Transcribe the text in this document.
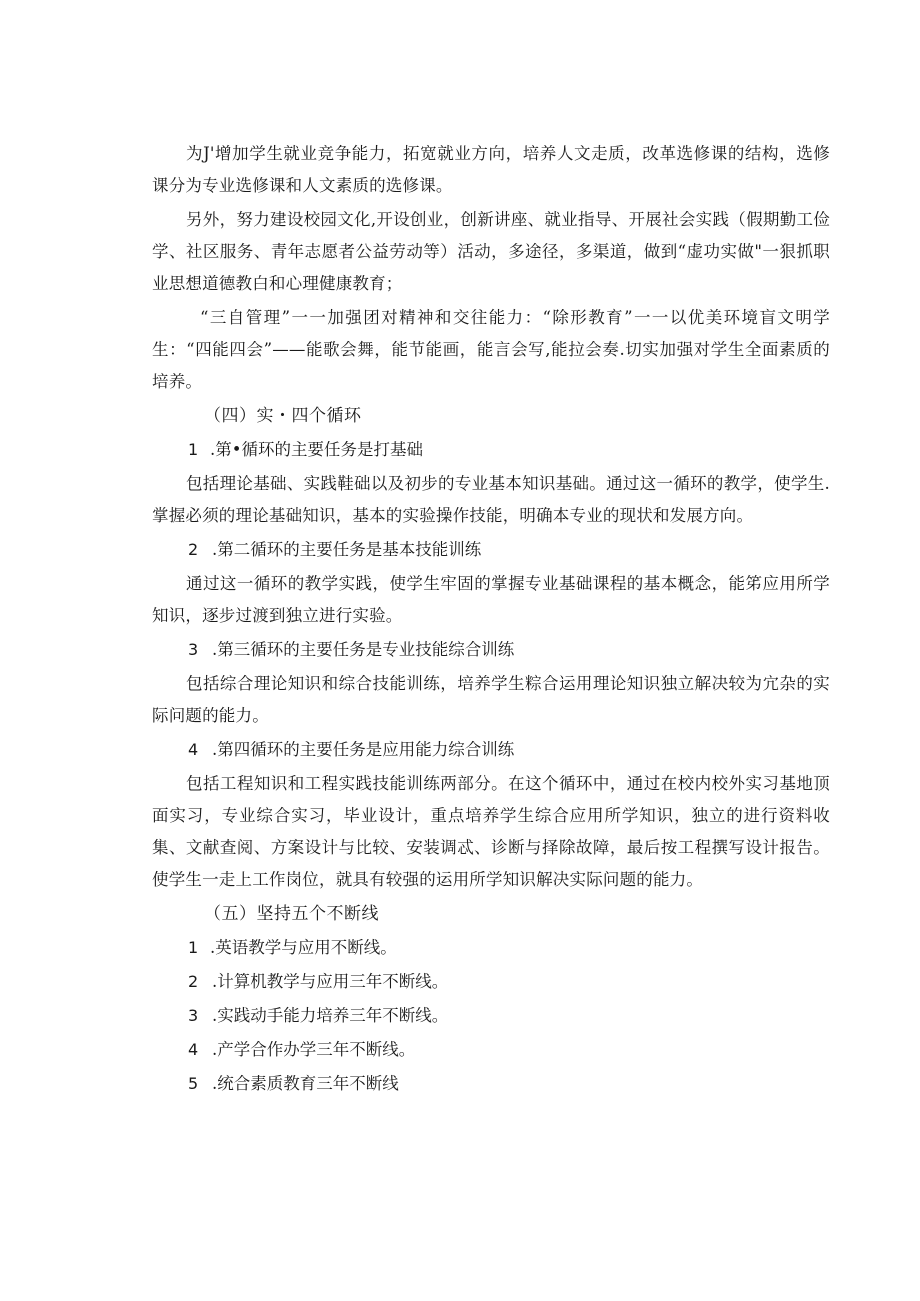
为J'增加学生就业竞争能力，拓宽就业方向，培养人文走质，改革选修课的结构，选修课分为专业选修课和人文素质的选修课。

另外，努力建设校园文化,开设创业，创新讲座、就业指导、开展社会实践（假期勤工俭学、社区服务、青年志愿者公益劳动等）活动，多途径，多渠道，做到“虚功实做"一狠抓职业思想道德教白和心理健康教育；

“三自管理”一一加强团对精神和交往能力：“除形教育”一一以优美环境盲文明学生：“四能四会”——能歌会舞，能节能画，能言会写,能拉会奏.切实加强对学生全面素质的培养。

（四）实・四个循环
1 .第•循环的主要任务是打基础

包括理论基础、实践鞋础以及初步的专业基本知识基础。通过这一循环的教学，使学生.掌握必须的理论基础知识，基本的实验操作技能，明确本专业的现状和发展方向。

2 .第二循环的主要任务是基本技能训练

通过这一循环的教学实践，使学生牢固的掌握专业基础课程的基本概念，能笫应用所学知识，逐步过渡到独立进行实验。

3 .第三循环的主要任务是专业技能综合训练

包括综合理论知识和综合技能训练，培养学生粽合运用理论知识独立解决较为宂杂的实际问题的能力。

4 .第四循环的主要任务是应用能力综合训练

包括工程知识和工程实践技能训练两部分。在这个循环中，通过在校内校外实习基地顶面实习，专业综合实习，毕业设计，重点培养学生综合应用所学知识，独立的进行资料收集、文献查阅、方案设计与比较、安装调忒、诊断与择除故障，最后按工程撰写设计报告。使学生一走上工作岗位，就具有较强的运用所学知识解决实际问题的能力。

（五）坚持五个不断线
1 .英语教学与应用不断线。
2 .计算机教学与应用三年不断线。
3 .实践动手能力培养三年不断线。
4 .产学合作办学三年不断线。
5 .统合素质教育三年不断线
